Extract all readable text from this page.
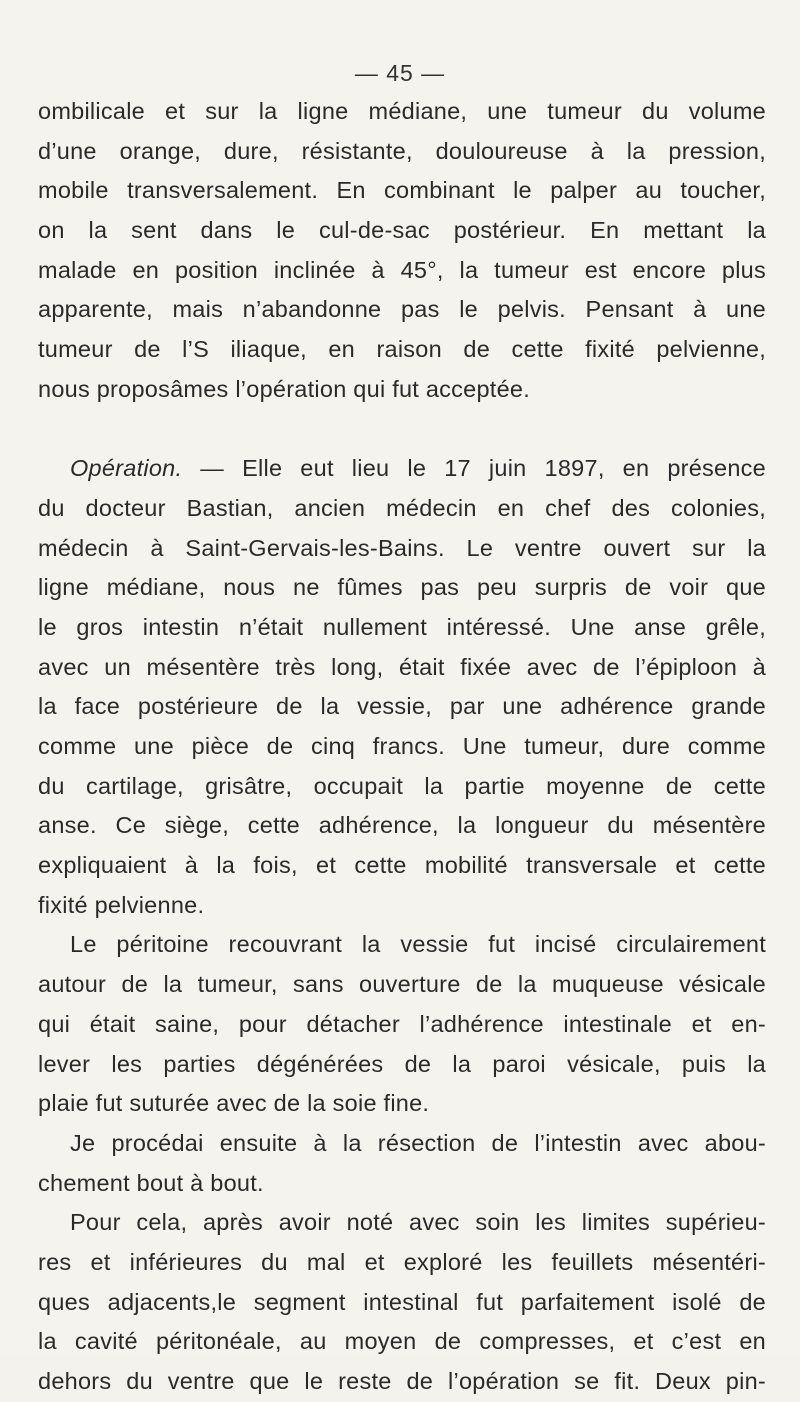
— 45 —
ombilicale et sur la ligne médiane, une tumeur du volume
d’une orange, dure, résistante, douloureuse à la pression,
mobile transversalement. En combinant le palper au toucher,
on la sent dans le cul-de-sac postérieur. En mettant la
malade en position inclinée à 45°, la tumeur est encore plus
apparente, mais n’abandonne pas le pelvis. Pensant à une
tumeur de l’S iliaque, en raison de cette fixité pelvienne,
nous proposâmes l’opération qui fut acceptée.
Opération. — Elle eut lieu le 17 juin 1897, en présence
du docteur Bastian, ancien médecin en chef des colonies,
médecin à Saint-Gervais-les-Bains. Le ventre ouvert sur la
ligne médiane, nous ne fûmes pas peu surpris de voir que
le gros intestin n’était nullement intéressé. Une anse grêle,
avec un mésentère très long, était fixée avec de l’épiploon à
la face postérieure de la vessie, par une adhérence grande
comme une pièce de cinq francs. Une tumeur, dure comme
du cartilage, grisâtre, occupait la partie moyenne de cette
anse. Ce siège, cette adhérence, la longueur du mésentère
expliquaient à la fois, et cette mobilité transversale et cette
fixité pelvienne.
Le péritoine recouvrant la vessie fut incisé circulairement
autour de la tumeur, sans ouverture de la muqueuse vésicale
qui était saine, pour détacher l’adhérence intestinale et en-
lever les parties dégénérées de la paroi vésicale, puis la
plaie fut suturée avec de la soie fine.
Je procédai ensuite à la résection de l’intestin avec abou-
chement bout à bout.
Pour cela, après avoir noté avec soin les limites supérieu-
res et inférieures du mal et exploré les feuillets mésentéri-
ques adjacents,le segment intestinal fut parfaitement isolé de
la cavité péritonéale, au moyen de compresses, et c’est en
dehors du ventre que le reste de l’opération se fit. Deux pin-
